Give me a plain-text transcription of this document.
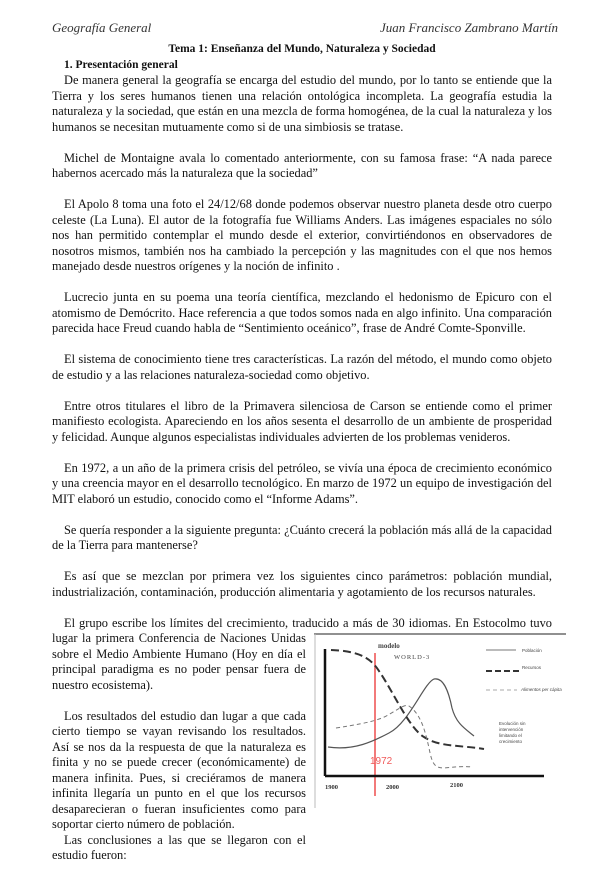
Geografía General	Juan Francisco Zambrano Martín
Tema 1: Enseñanza del Mundo, Naturaleza y Sociedad
1. Presentación general

De manera general la geografía se encarga del estudio del mundo, por lo tanto se entiende que la Tierra y los seres humanos tienen una relación ontológica incompleta. La geografía estudia la naturaleza y la sociedad, que están en una mezcla de forma homogénea, de la cual la naturaleza y los humanos se necesitan mutuamente como si de una simbiosis se tratase.

Michel de Montaigne avala lo comentado anteriormente, con su famosa frase: “A nada parece habernos acercado más la naturaleza que la sociedad”

El Apolo 8 toma una foto el 24/12/68 donde podemos observar nuestro planeta desde otro cuerpo celeste (La Luna). El autor de la fotografía fue Williams Anders. Las imágenes espaciales no sólo nos han permitido contemplar el mundo desde el exterior, convirtiéndonos en observadores de nosotros mismos, también nos ha cambiado la percepción y las magnitudes con el que nos hemos manejado desde nuestros orígenes y la noción de infinito .

Lucrecio junta en su poema una teoría científica, mezclando el hedonismo de Epicuro con el atomismo de Demócrito. Hace referencia a que todos somos nada en algo infinito. Una comparación parecida hace Freud cuando habla de “Sentimiento oceánico”, frase de André Comte-Sponville.

El sistema de conocimiento tiene tres características. La razón del método, el mundo como objeto de estudio y a las relaciones naturaleza-sociedad como objetivo.

Entre otros titulares el libro de la Primavera silenciosa de Carson se entiende como el primer manifiesto ecologista. Apareciendo en los años sesenta el desarrollo de un ambiente de prosperidad y felicidad. Aunque algunos especialistas individuales advierten de los problemas venideros.

En 1972, a un año de la primera crisis del petróleo, se vivía una época de crecimiento económico y una creencia mayor en el desarrollo tecnológico. En marzo de 1972 un equipo de investigación del MIT elaboró un estudio, conocido como el “Informe Adams”.

Se quería responder a la siguiente pregunta: ¿Cuánto crecerá la población más allá de la capacidad de la Tierra para mantenerse?

Es así que se mezclan por primera vez los siguientes cinco parámetros: población mundial, industrialización, contaminación, producción alimentaria y agotamiento de los recursos naturales.

1972
modelo
WORLD-3
Población
Recursos
Alimentos per cápita
Evolución sin intervención limitando el crecimiento
1900	2000	2100

El grupo escribe los límites del crecimiento, traducido a más de 30 idiomas. En Estocolmo tuvo lugar la primera Conferencia de Naciones Unidas sobre el Medio Ambiente Humano (Hoy en día el principal paradigma es no poder pensar fuera de nuestro ecosistema).

Los resultados del estudio dan lugar a que cada cierto tiempo se vayan revisando los resultados. Así se nos da la respuesta de que la naturaleza es finita y no se puede crecer (económicamente) de manera infinita. Pues, si creciéramos de manera infinita llegaría un punto en el que los recursos desaparecieran o fueran insuficientes como para soportar cierto número de población.

Las conclusiones a las que se llegaron con el estudio fueron:
